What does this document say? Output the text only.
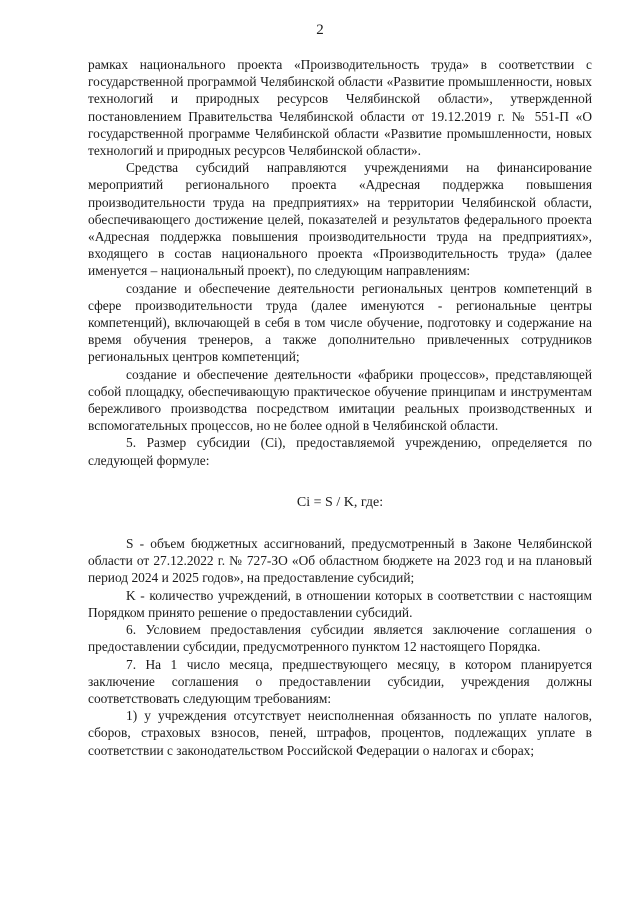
2

рамках национального проекта «Производительность труда» в соответствии с государственной программой Челябинской области «Развитие промышленности, новых технологий и природных ресурсов Челябинской области», утвержденной постановлением Правительства Челябинской области от 19.12.2019 г. № 551-П «О государственной программе Челябинской области «Развитие промышленности, новых технологий и природных ресурсов Челябинской области».

Средства субсидий направляются учреждениями на финансирование мероприятий регионального проекта «Адресная поддержка повышения производительности труда на предприятиях» на территории Челябинской области, обеспечивающего достижение целей, показателей и результатов федерального проекта «Адресная поддержка повышения производительности труда на предприятиях», входящего в состав национального проекта «Производительность труда» (далее именуется – национальный проект), по следующим направлениям:

создание и обеспечение деятельности региональных центров компетенций в сфере производительности труда (далее именуются - региональные центры компетенций), включающей в себя в том числе обучение, подготовку и содержание на время обучения тренеров, а также дополнительно привлеченных сотрудников региональных центров компетенций;

создание и обеспечение деятельности «фабрики процессов», представляющей собой площадку, обеспечивающую практическое обучение принципам и инструментам бережливого производства посредством имитации реальных производственных и вспомогательных процессов, но не более одной в Челябинской области.

5. Размер субсидии (Ci), предоставляемой учреждению, определяется по следующей формуле:

Ci = S / K, где:

S - объем бюджетных ассигнований, предусмотренный в Законе Челябинской области от 27.12.2022 г. № 727-ЗО «Об областном бюджете на 2023 год и на плановый период 2024 и 2025 годов», на предоставление субсидий;

K - количество учреждений, в отношении которых в соответствии с настоящим Порядком принято решение о предоставлении субсидий.

6. Условием предоставления субсидии является заключение соглашения о предоставлении субсидии, предусмотренного пунктом 12 настоящего Порядка.

7. На 1 число месяца, предшествующего месяцу, в котором планируется заключение соглашения о предоставлении субсидии, учреждения должны соответствовать следующим требованиям:

1) у учреждения отсутствует неисполненная обязанность по уплате налогов, сборов, страховых взносов, пеней, штрафов, процентов, подлежащих уплате в соответствии с законодательством Российской Федерации о налогах и сборах;
